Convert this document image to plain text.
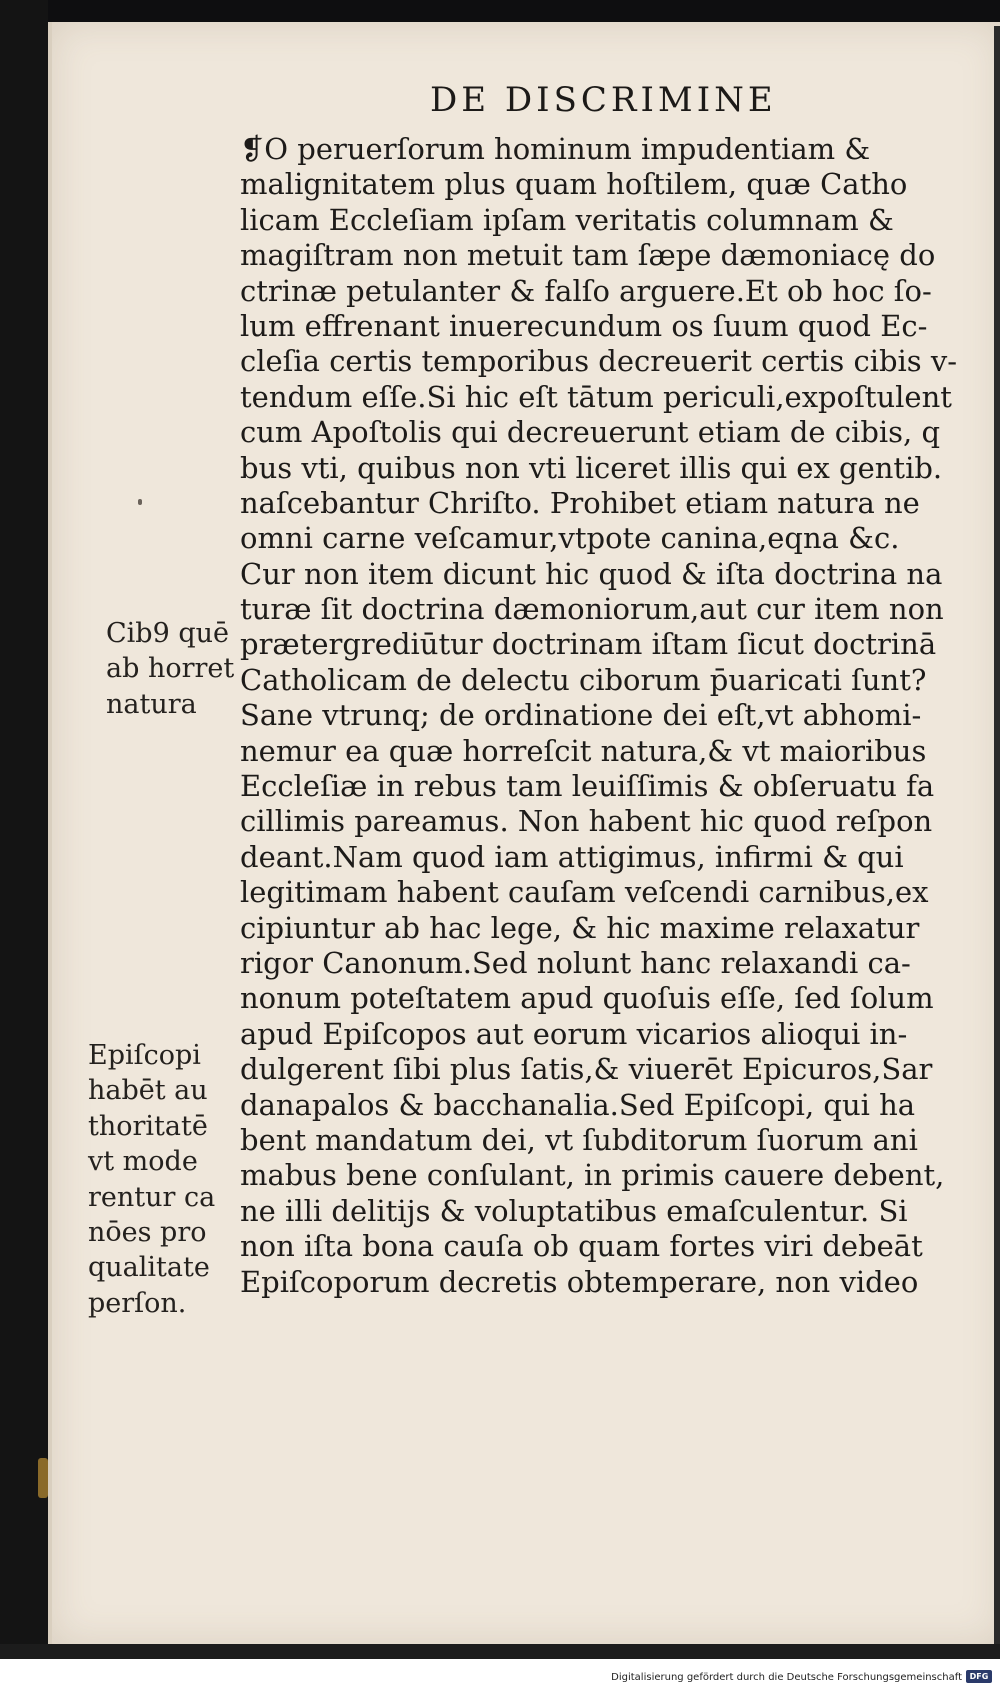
DE DISCRIMINE
❡O peruerſorum hominum impudentiam &
malignitatem plus quam hoſtilem, quæ Catho
licam Eccleſiam ipſam veritatis columnam &
magiſtram non metuit tam ſæpe dæmoniacę do
ctrinæ petulanter & falſo arguere.Et ob hoc ſo-
lum effrenant inuerecundum os ſuum quod Ec-
cleſia certis temporibus decreuerit certis cibis v-
tendum eſſe.Si hic eſt tātum periculi,expoſtulent
cum Apoſtolis qui decreuerunt etiam de cibis, q
bus vti, quibus non vti liceret illis qui ex gentib.
naſcebantur Chriſto. Prohibet etiam natura ne
omni carne veſcamur,vtpote canina,eqna &c.
Cur non item dicunt hic quod & iſta doctrina na
turæ ſit doctrina dæmoniorum,aut cur item non
prætergrediūtur doctrinam iſtam ſicut doctrinā
Catholicam de delectu ciborum p̄uaricati ſunt?
Sane vtrunq; de ordinatione dei eſt,vt abhomi-
nemur ea quæ horreſcit natura,& vt maioribus
Eccleſiæ in rebus tam leuiſſimis & obſeruatu fa
cillimis pareamus. Non habent hic quod reſpon
deant.Nam quod iam attigimus, infirmi & qui
legitimam habent cauſam veſcendi carnibus,ex
cipiuntur ab hac lege, & hic maxime relaxatur
rigor Canonum.Sed nolunt hanc relaxandi ca-
nonum poteſtatem apud quoſuis eſſe, ſed ſolum
apud Epiſcopos aut eorum vicarios alioqui in-
dulgerent ſibi plus ſatis,& viuerēt Epicuros,Sar
danapalos & bacchanalia.Sed Epiſcopi, qui ha
bent mandatum dei, vt ſubditorum ſuorum ani
mabus bene conſulant, in primis cauere debent,
ne illi delitijs & voluptatibus emaſculentur. Si
non iſta bona cauſa ob quam fortes viri debeāt
Epiſcoporum decretis obtemperare, non video
Cib9 quē
ab horret
natura
Epiſcopi
habēt au
thoritatē
vt mode
rentur ca
nōes pro
qualitate
perſon.
Digitalisierung gefördert durch die Deutsche Forschungsgemeinschaft DFG
